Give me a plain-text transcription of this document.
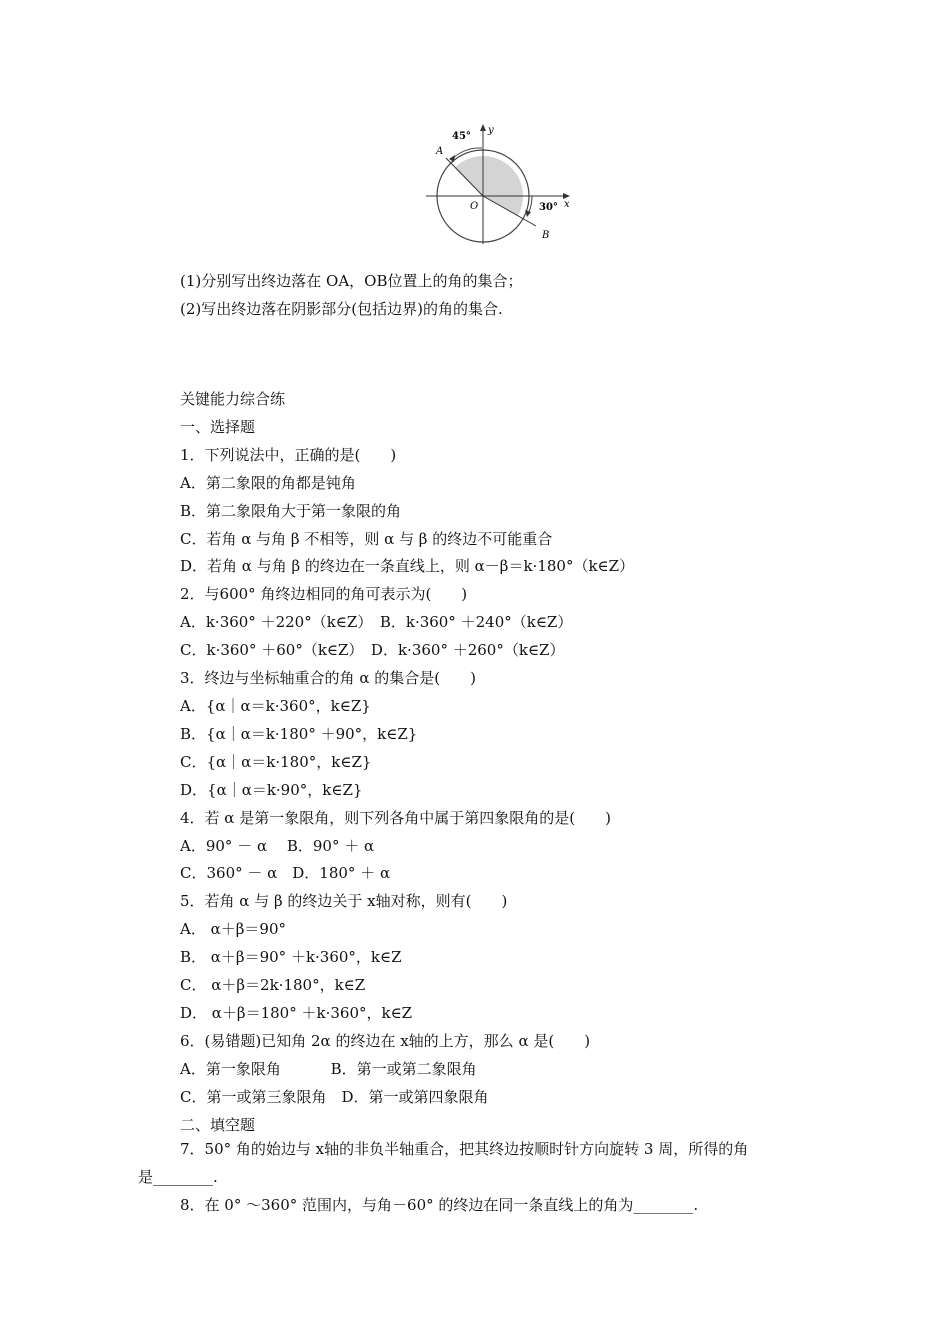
45°
30°
A
B
O	x
y
(1)分别写出终边落在 OA，OB位置上的角的集合；
(2)写出终边落在阴影部分(包括边界)的角的集合.
关键能力综合练
一、选择题
1．下列说法中，正确的是(　　)
A．第二象限的角都是钝角
B．第二象限角大于第一象限的角
C．若角 α 与角 β 不相等，则 α 与 β 的终边不可能重合
D．若角 α 与角 β 的终边在一条直线上，则 α－β＝k·180°（k∈Z）
2．与600° 角终边相同的角可表示为(　　)
A．k·360° ＋220°（k∈Z）　B．k·360° ＋240°（k∈Z）
C．k·360° ＋60°（k∈Z）　D．k·360° ＋260°（k∈Z）
3．终边与坐标轴重合的角 α 的集合是(　　)
A．{α｜α＝k·360°，k∈Z}
B．{α｜α＝k·180° ＋90°，k∈Z}
C．{α｜α＝k·180°，k∈Z}
D．{α｜α＝k·90°，k∈Z}
4．若 α 是第一象限角，则下列各角中属于第四象限角的是(　　)
A．90° － α　 B．90° ＋ α
C．360° － α　D．180° ＋ α
5．若角 α 与 β 的终边关于 x轴对称，则有(　　)
A． α＋β＝90°
B． α＋β＝90° ＋k·360°，k∈Z
C． α＋β＝2k·180°，k∈Z
D． α＋β＝180° ＋k·360°，k∈Z
6．(易错题)已知角 2α 的终边在 x轴的上方，那么 α 是(　　)
A．第一象限角　　　 B．第一或第二象限角
C．第一或第三象限角　D．第一或第四象限角
二、填空题
7．50° 角的始边与 x轴的非负半轴重合，把其终边按顺时针方向旋转 3 周，所得的角
是________.
8．在 0° ～360° 范围内，与角－60° 的终边在同一条直线上的角为________.
